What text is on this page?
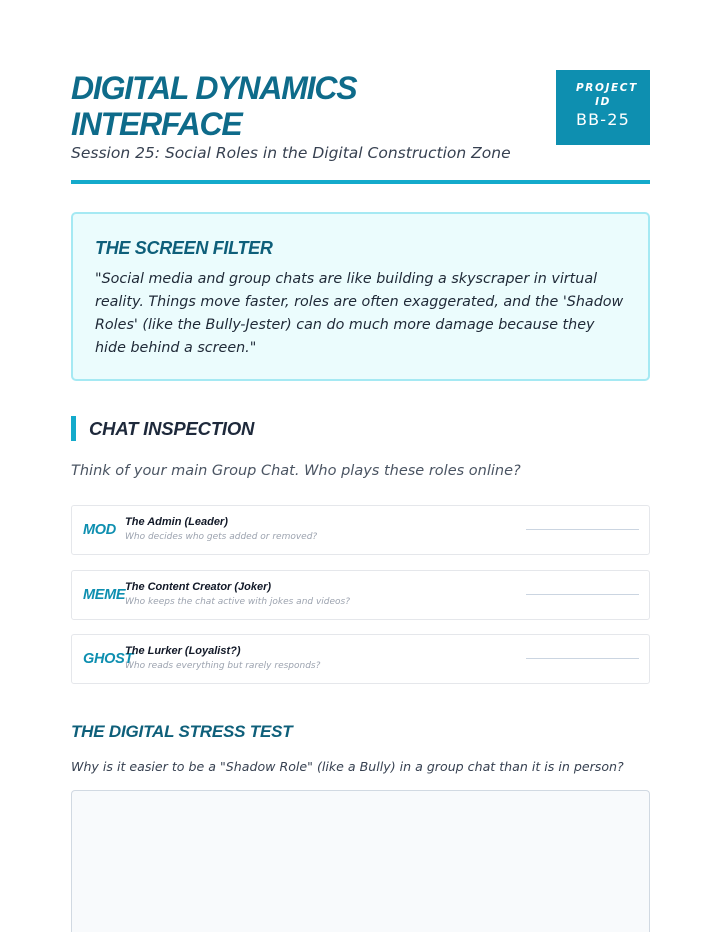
DIGITAL DYNAMICS INTERFACE
Session 25: Social Roles in the Digital Construction Zone
PROJECT ID
BB-25
THE SCREEN FILTER

"Social media and group chats are like building a skyscraper in virtual reality. Things move faster, roles are often exaggerated, and the 'Shadow Roles' (like the Bully-Jester) can do much more damage because they hide behind a screen."

CHAT INSPECTION
Think of your main Group Chat. Who plays these roles online?
MOD The Admin (Leader)
Who decides who gets added or removed?
MEME The Content Creator (Joker)
Who keeps the chat active with jokes and videos?
GHOST
The Lurker (Loyalist?)
Who reads everything but rarely responds?
THE DIGITAL STRESS TEST
Why is it easier to be a "Shadow Role" (like a Bully) in a group chat than it is in person?
